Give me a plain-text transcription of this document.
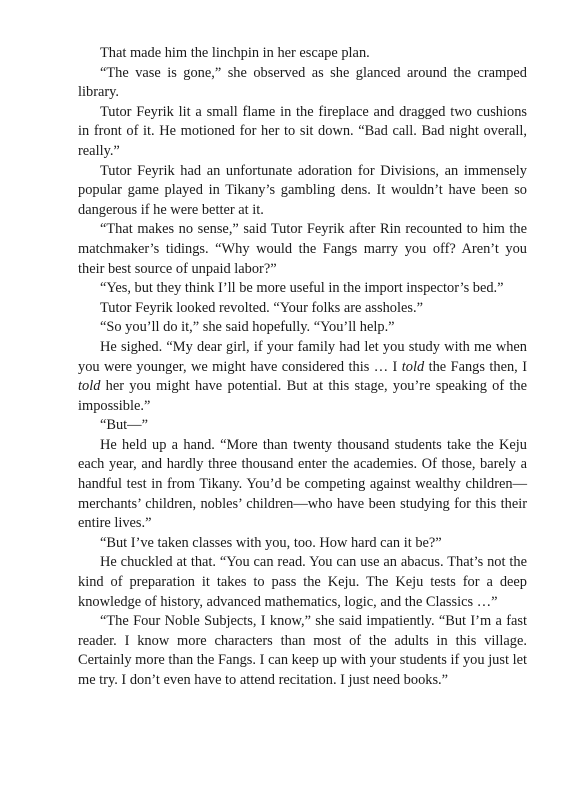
That made him the linchpin in her escape plan.

“The vase is gone,” she observed as she glanced around the cramped library.

Tutor Feyrik lit a small flame in the fireplace and dragged two cushions in front of it. He motioned for her to sit down. “Bad call. Bad night overall, really.”

Tutor Feyrik had an unfortunate adoration for Divisions, an immensely popular game played in Tikany’s gambling dens. It wouldn’t have been so dangerous if he were better at it.

“That makes no sense,” said Tutor Feyrik after Rin recounted to him the matchmaker’s tidings. “Why would the Fangs marry you off? Aren’t you their best source of unpaid labor?”

“Yes, but they think I’ll be more useful in the import inspector’s bed.”

Tutor Feyrik looked revolted. “Your folks are assholes.”

“So you’ll do it,” she said hopefully. “You’ll help.”

He sighed. “My dear girl, if your family had let you study with me when you were younger, we might have considered this … I told the Fangs then, I told her you might have potential. But at this stage, you’re speaking of the impossible.”

“But—”

He held up a hand. “More than twenty thousand students take the Keju each year, and hardly three thousand enter the academies. Of those, barely a handful test in from Tikany. You’d be competing against wealthy children—merchants’ children, nobles’ children—who have been studying for this their entire lives.”

“But I’ve taken classes with you, too. How hard can it be?”

He chuckled at that. “You can read. You can use an abacus. That’s not the kind of preparation it takes to pass the Keju. The Keju tests for a deep knowledge of history, advanced mathematics, logic, and the Classics …”

“The Four Noble Subjects, I know,” she said impatiently. “But I’m a fast reader. I know more characters than most of the adults in this village. Certainly more than the Fangs. I can keep up with your students if you just let me try. I don’t even have to attend recitation. I just need books.”
